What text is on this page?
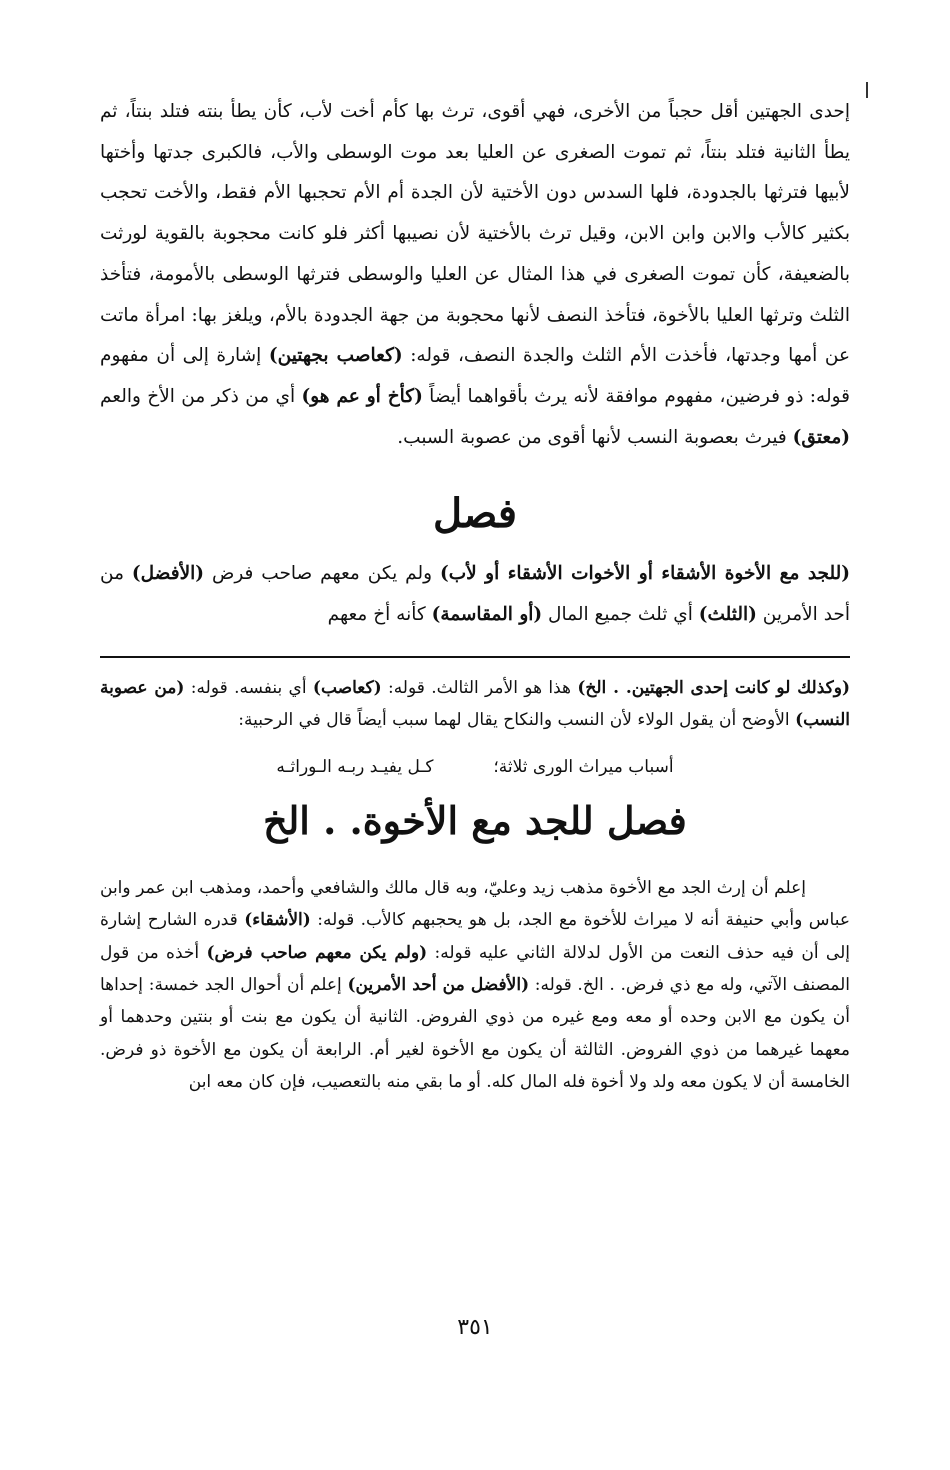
إحدى الجهتين أقل حجباً من الأخرى، فهي أقوى، ترث بها كأم أخت لأب، كأن يطأ بنته فتلد بنتاً، ثم يطأ الثانية فتلد بنتاً، ثم تموت الصغرى عن العليا بعد موت الوسطى والأب، فالكبرى جدتها وأختها لأبيها فترثها بالجدودة، فلها السدس دون الأختية لأن الجدة أم الأم تحجبها الأم فقط، والأخت تحجب بكثير كالأب والابن وابن الابن، وقيل ترث بالأختية لأن نصيبها أكثر فلو كانت محجوبة بالقوية لورثت بالضعيفة، كأن تموت الصغرى في هذا المثال عن العليا والوسطى فترثها الوسطى بالأمومة، فتأخذ الثلث وترثها العليا بالأخوة، فتأخذ النصف لأنها محجوبة من جهة الجدودة بالأم، ويلغز بها: امرأة ماتت عن أمها وجدتها، فأخذت الأم الثلث والجدة النصف، قوله: (كعاصب بجهتين) إشارة إلى أن مفهوم قوله: ذو فرضين، مفهوم موافقة لأنه يرث بأقواهما أيضاً (كأخ أو عم هو) أي من ذكر من الأخ والعم (معتق) فيرث بعصوبة النسب لأنها أقوى من عصوبة السبب.

فصل

(للجد مع الأخوة الأشقاء أو الأخوات الأشقاء أو لأب) ولم يكن معهم صاحب فرض (الأفضل) من أحد الأمرين (الثلث) أي ثلث جميع المال (أو المقاسمة) كأنه أخ معهم

(وكذلك لو كانت إحدى الجهتين. . الخ) هذا هو الأمر الثالث. قوله: (كعاصب) أي بنفسه. قوله: (من عصوبة النسب) الأوضح أن يقول الولاء لأن النسب والنكاح يقال لهما سبب أيضاً قال في الرحبية:

أسباب ميراث الورى ثلاثة؛
كـل يفيـد ربـه الـوراثـه
فصل للجد مع الأخوة. . الخ

إعلم أن إرث الجد مع الأخوة مذهب زيد وعليّ، وبه قال مالك والشافعي وأحمد، ومذهب ابن عمر وابن عباس وأبي حنيفة أنه لا ميراث للأخوة مع الجد، بل هو يحجبهم كالأب. قوله: (الأشقاء) قدره الشارح إشارة إلى أن فيه حذف النعت من الأول لدلالة الثاني عليه قوله: (ولم يكن معهم صاحب فرض) أخذه من قول المصنف الآتي، وله مع ذي فرض. . الخ. قوله: (الأفضل من أحد الأمرين) إعلم أن أحوال الجد خمسة: إحداها أن يكون مع الابن وحده أو معه ومع غيره من ذوي الفروض. الثانية أن يكون مع بنت أو بنتين وحدهما أو معهما غيرهما من ذوي الفروض. الثالثة أن يكون مع الأخوة لغير أم. الرابعة أن يكون مع الأخوة ذو فرض. الخامسة أن لا يكون معه ولد ولا أخوة فله المال كله. أو ما بقي منه بالتعصيب، فإن كان معه ابن

٣٥١
